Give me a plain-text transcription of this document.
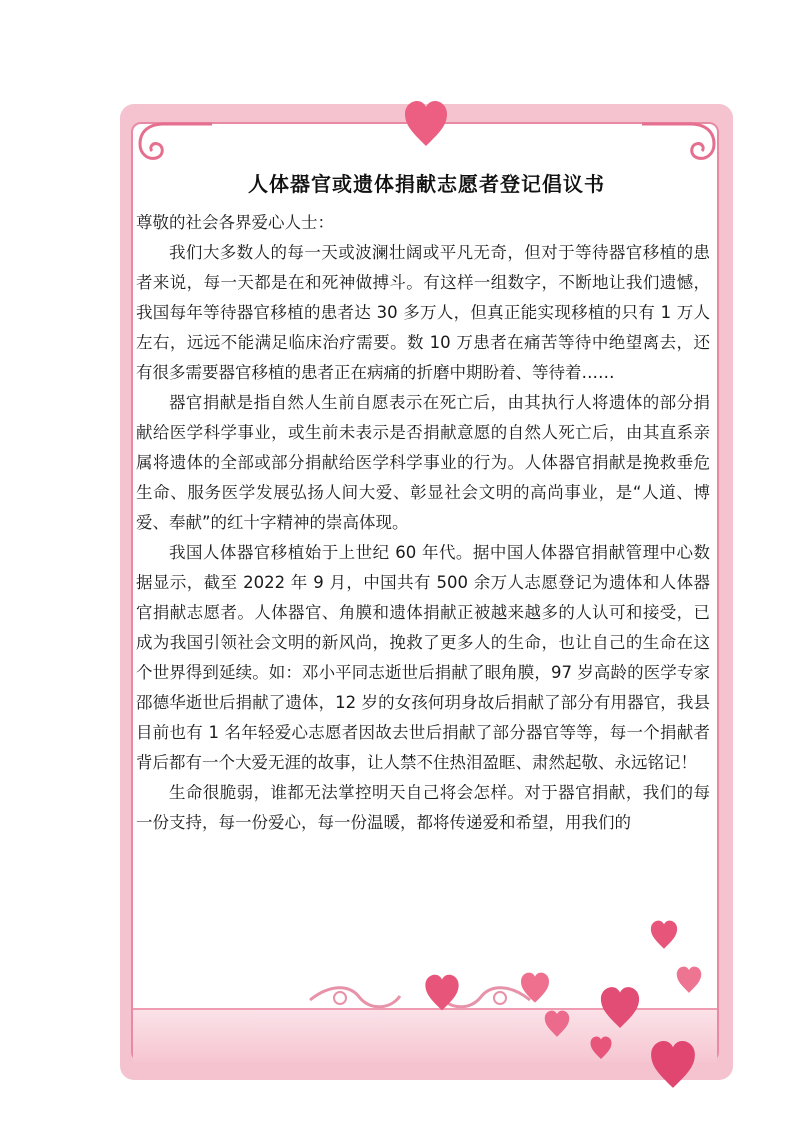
人体器官或遗体捐献志愿者登记倡议书

尊敬的社会各界爱心人士：

我们大多数人的每一天或波澜壮阔或平凡无奇，但对于等待器官移植的患者来说，每一天都是在和死神做搏斗。有这样一组数字，不断地让我们遗憾，我国每年等待器官移植的患者达 30 多万人，但真正能实现移植的只有 1 万人左右，远远不能满足临床治疗需要。数 10 万患者在痛苦等待中绝望离去，还有很多需要器官移植的患者正在病痛的折磨中期盼着、等待着……

器官捐献是指自然人生前自愿表示在死亡后，由其执行人将遗体的部分捐献给医学科学事业，或生前未表示是否捐献意愿的自然人死亡后，由其直系亲属将遗体的全部或部分捐献给医学科学事业的行为。人体器官捐献是挽救垂危生命、服务医学发展弘扬人间大爱、彰显社会文明的高尚事业，是“人道、博爱、奉献”的红十字精神的崇高体现。

我国人体器官移植始于上世纪 60 年代。据中国人体器官捐献管理中心数据显示，截至 2022 年 9 月，中国共有 500 余万人志愿登记为遗体和人体器官捐献志愿者。人体器官、角膜和遗体捐献正被越来越多的人认可和接受，已成为我国引领社会文明的新风尚，挽救了更多人的生命，也让自己的生命在这个世界得到延续。如：邓小平同志逝世后捐献了眼角膜，97 岁高龄的医学专家邵德华逝世后捐献了遗体，12 岁的女孩何玥身故后捐献了部分有用器官，我县目前也有 1 名年轻爱心志愿者因故去世后捐献了部分器官等等，每一个捐献者背后都有一个大爱无涯的故事，让人禁不住热泪盈眶、肃然起敬、永远铭记！

生命很脆弱，谁都无法掌控明天自己将会怎样。对于器官捐献，我们的每一份支持，每一份爱心，每一份温暖，都将传递爱和希望，用我们的
